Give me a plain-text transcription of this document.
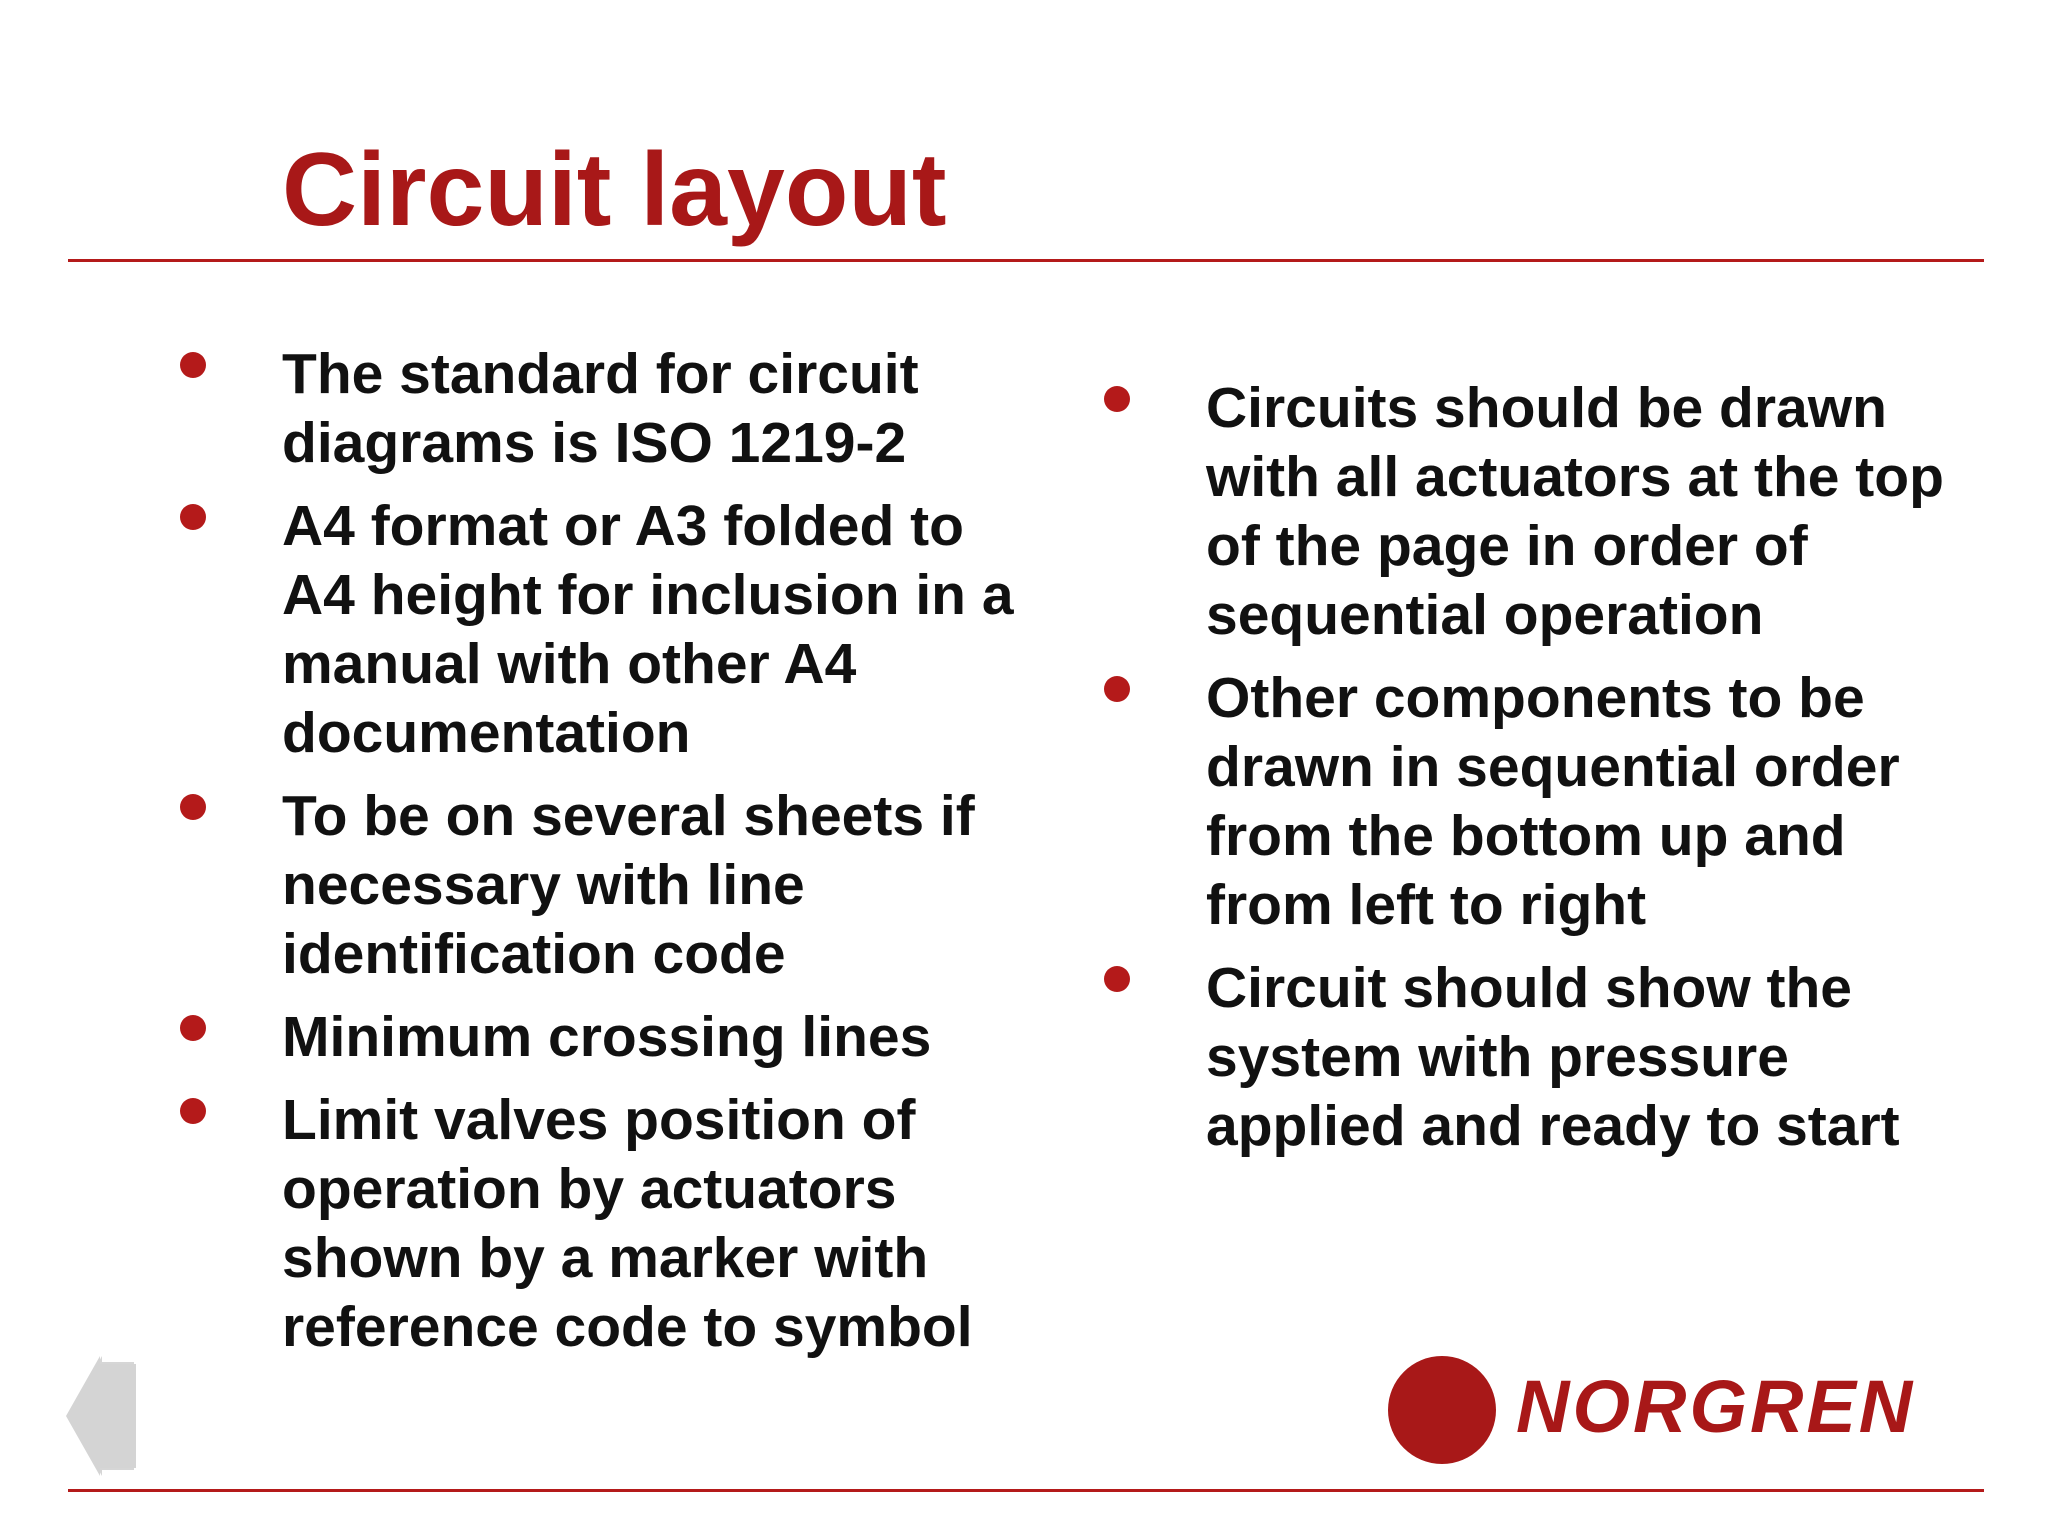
Circuit layout
The standard for circuit diagrams is ISO 1219-2
A4 format or A3 folded to A4 height for inclusion in a manual with other A4 documentation
To be on several sheets if necessary with line identification code
Minimum crossing lines
Limit valves position of operation by actuators shown by a marker with reference code to symbol
Circuits should be drawn with all actuators at the top of the page in order of sequential operation
Other components to be drawn in sequential order from the bottom up and from left to right
Circuit should show the system with pressure applied and ready to start
NORGREN
